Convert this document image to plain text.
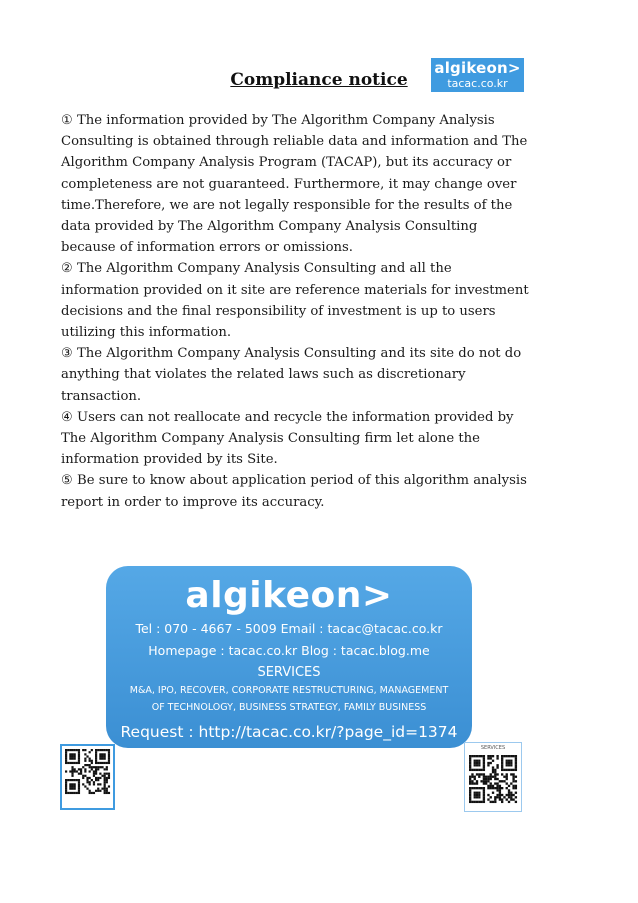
algikeon>
tacac.co.kr
Compliance notice

① The information provided by The Algorithm Company Analysis Consulting is obtained through reliable data and information and The Algorithm Company Analysis Program (TACAP), but its accuracy or completeness are not guaranteed. Furthermore, it may change over time.Therefore, we are not legally responsible for the results of the data provided by The Algorithm Company Analysis Consulting because of information errors or omissions.

② The Algorithm Company Analysis Consulting and all the information provided on it site are reference materials for investment decisions and the final responsibility of investment is up to users utilizing this information.

③ The Algorithm Company Analysis Consulting and its site do not do anything that violates the related laws such as discretionary transaction.

④ Users can not reallocate and recycle the information provided by The Algorithm Company Analysis Consulting firm let alone the information provided by its Site.

⑤ Be sure to know about application period of this algorithm analysis report in order to improve its accuracy.

algikeon>
Tel : 070 - 4667 - 5009 Email : tacac@tacac.co.kr
Homepage : tacac.co.kr Blog : tacac.blog.me
SERVICES
M&A, IPO, RECOVER, CORPORATE RESTRUCTURING, MANAGEMENT OF TECHNOLOGY, BUSINESS STRATEGY, FAMILY BUSINESS
Request : http://tacac.co.kr/?page_id=1374
SERVICES
